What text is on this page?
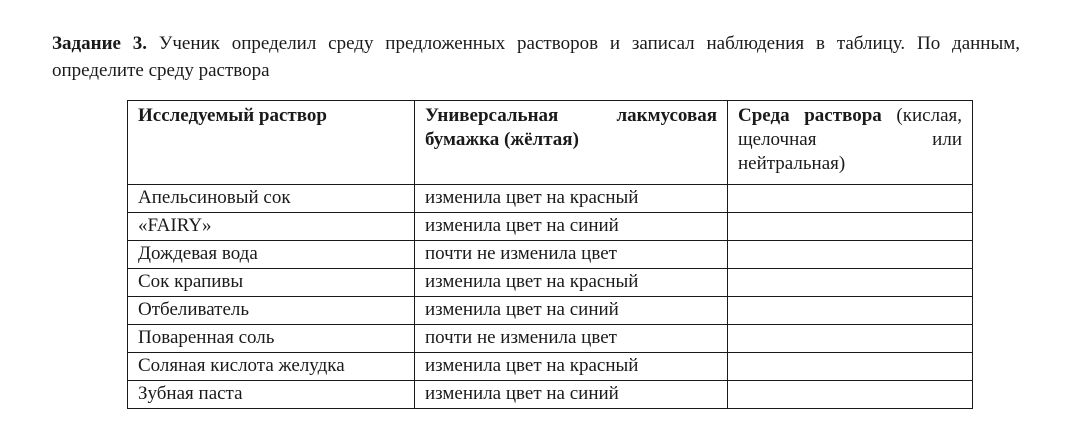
Задание 3. Ученик определил среду предложенных растворов и записал наблюдения в таблицу. По данным, определите среду раствора
Исследуемый раствор	Универсальная лакмусовая бумажка (жёлтая)	Среда раствора (кислая, щелочная или нейтральная)

Апельсиновый сок	изменила цвет на красный	
«FAIRY»	изменила цвет на синий	
Дождевая вода	почти не изменила цвет	
Сок крапивы	изменила цвет на красный	
Отбеливатель	изменила цвет на синий	
Поваренная соль	почти не изменила цвет	
Соляная кислота желудка	изменила цвет на красный	
Зубная паста	изменила цвет на синий	
